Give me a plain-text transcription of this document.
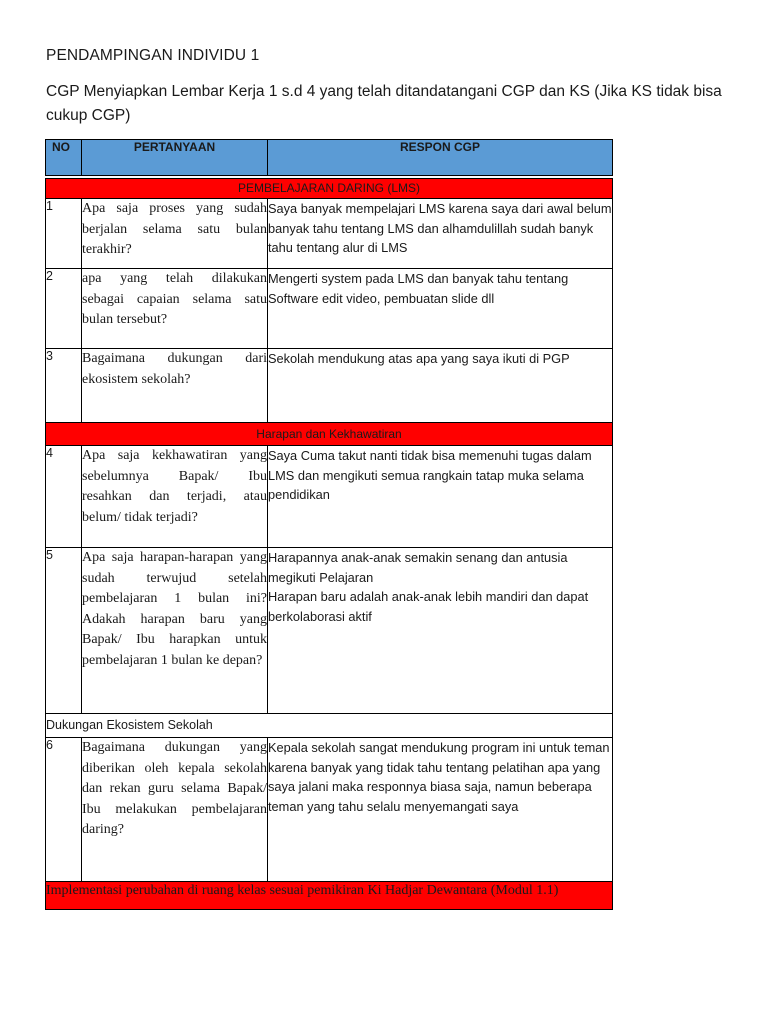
PENDAMPINGAN INDIVIDU 1
CGP Menyiapkan Lembar Kerja 1 s.d 4 yang telah ditandatangani CGP dan KS (Jika KS tidak bisa cukup CGP)
NO	PERTANYAAN	RESPON CGP

PEMBELAJARAN DARING (LMS)		
1	Apa saja proses yang sudah berjalan selama satu bulan terakhir?	Saya banyak mempelajari LMS karena saya dari awal belum banyak tahu tentang LMS dan alhamdulillah sudah banyk tahu tentang alur di LMS
2	apa yang telah dilakukan sebagai capaian selama satu bulan tersebut?	Mengerti system pada LMS dan banyak tahu tentang Software edit video, pembuatan slide dll
3	Bagaimana dukungan dari ekosistem sekolah?	Sekolah mendukung atas apa yang saya ikuti di PGP
Harapan dan Kekhawatiran		
4	Apa saja kekhawatiran yang sebelumnya Bapak/ Ibu resahkan dan terjadi, atau belum/ tidak terjadi?	Saya Cuma takut nanti tidak bisa memenuhi tugas dalam LMS dan mengikuti semua rangkain tatap muka selama pendidikan
5	Apa saja harapan-harapan yang sudah terwujud setelah pembelajaran 1 bulan ini? Adakah harapan baru yang Bapak/ Ibu harapkan untuk pembelajaran 1 bulan ke depan?	Harapannya anak-anak semakin senang dan antusia megikuti Pelajaran
Harapan baru adalah anak-anak lebih mandiri dan dapat berkolaborasi aktif

Dukungan Ekosistem Sekolah		
6	Bagaimana dukungan yang diberikan oleh kepala sekolah dan rekan guru selama Bapak/ Ibu melakukan pembelajaran daring?	Kepala sekolah sangat mendukung program ini untuk teman karena banyak yang tidak tahu tentang pelatihan apa yang saya jalani maka responnya biasa saja, namun beberapa teman yang tahu selalu menyemangati saya
Implementasi perubahan di ruang kelas sesuai pemikiran Ki Hadjar Dewantara (Modul 1.1)		
